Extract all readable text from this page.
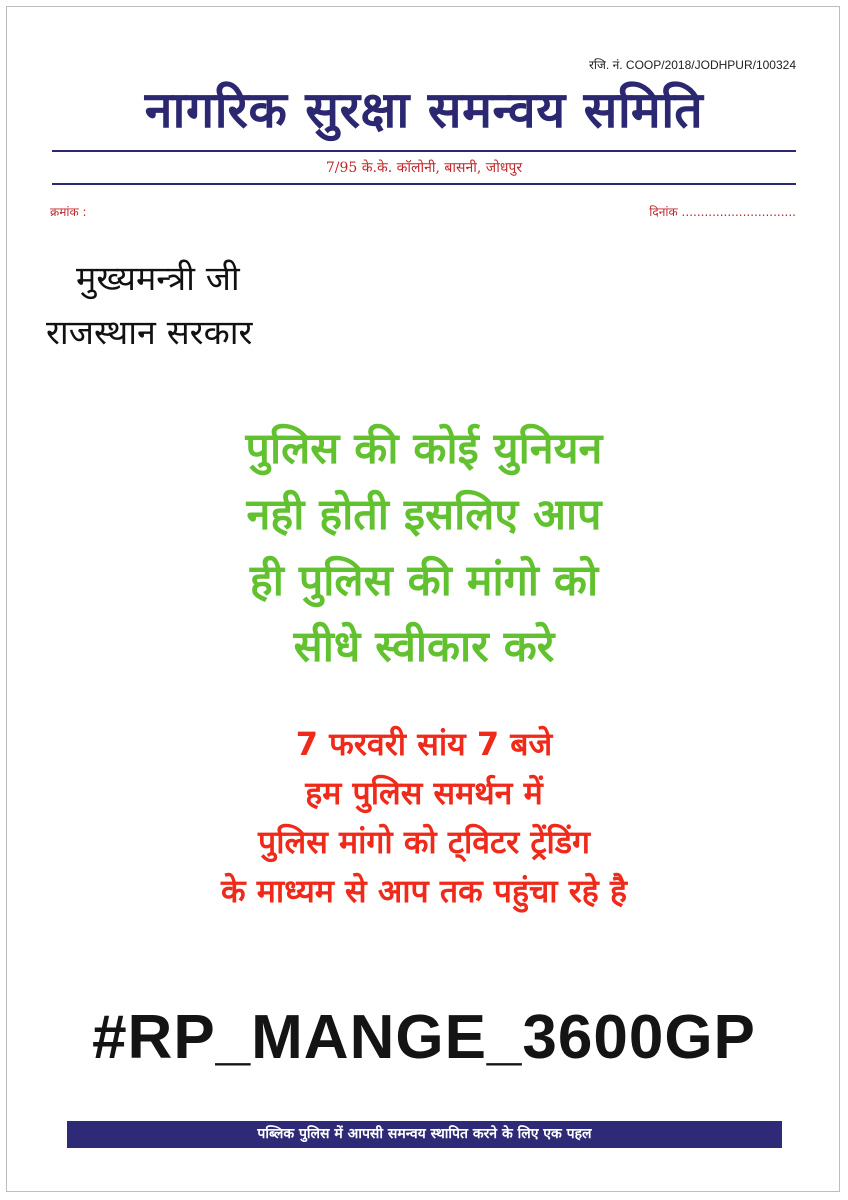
रजि. नं. COOP/2018/JODHPUR/100324
नागरिक सुरक्षा समन्वय समिति
7/95 के.के. कॉलोनी, बासनी, जोधपुर
क्रमांक :	दिनांक ..............................
मुख्यमन्त्री जी
राजस्थान सरकार
पुलिस की कोई युनियन
नही होती इसलिए आप
ही पुलिस की मांगो को
सीधे स्वीकार करे
7 फरवरी सांय 7 बजे
हम पुलिस समर्थन में
पुलिस मांगो को ट्विटर ट्रेंडिंग
के माध्यम से आप तक पहुंचा रहे है
#RP_MANGE_3600GP
पब्लिक पुलिस में आपसी समन्वय स्थापित करने के लिए एक पहल
